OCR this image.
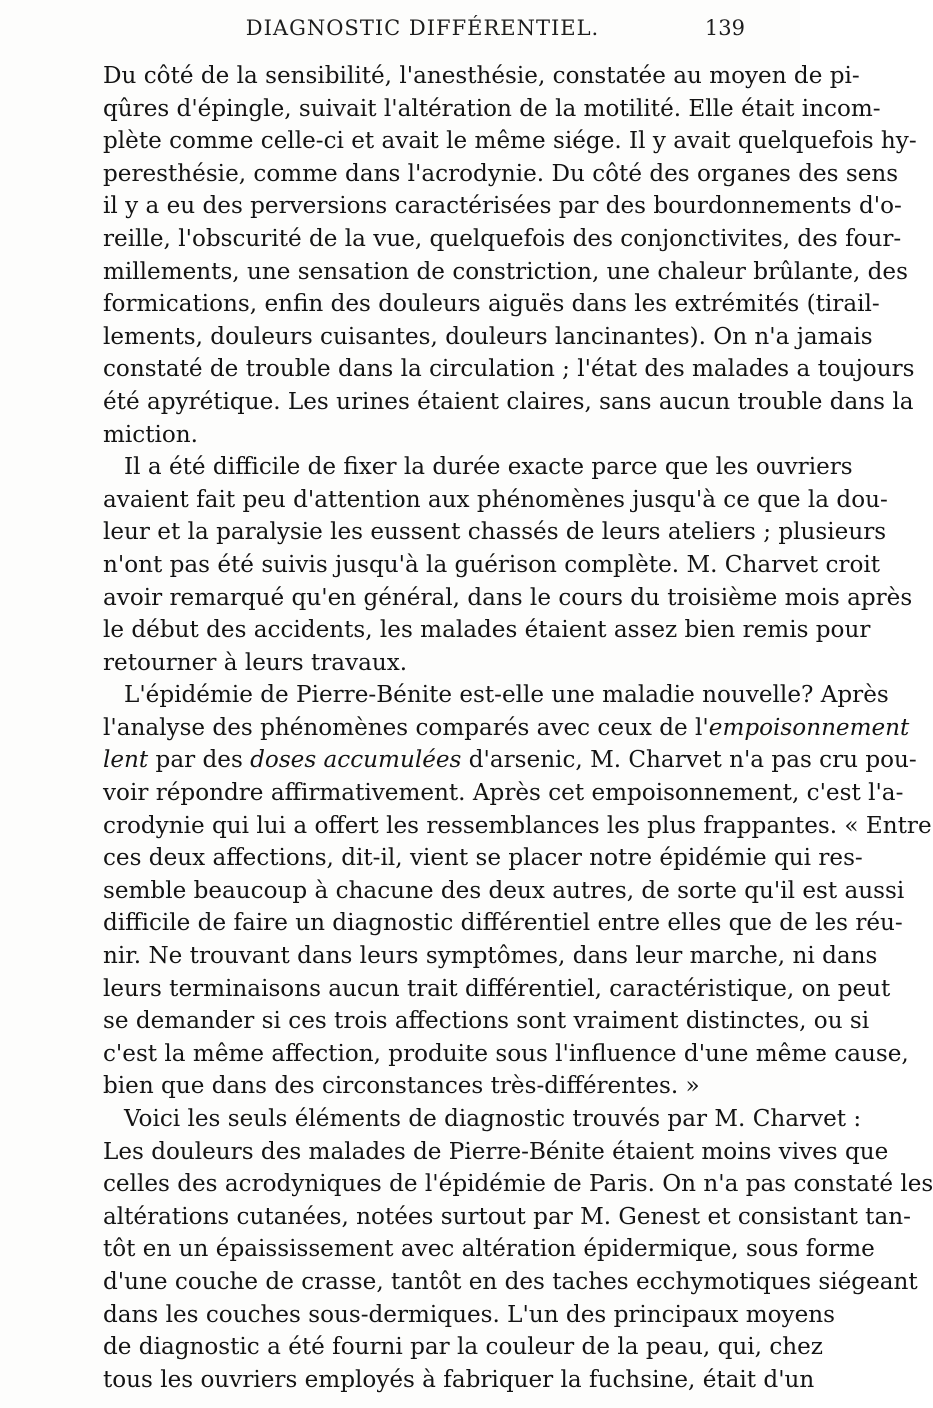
DIAGNOSTIC DIFFÉRENTIEL.	139
Du côté de la sensibilité, l'anesthésie, constatée au moyen de pi-
qûres d'épingle, suivait l'altération de la motilité. Elle était incom-
plète comme celle-ci et avait le même siége. Il y avait quelquefois hy-
peresthésie, comme dans l'acrodynie. Du côté des organes des sens
il y a eu des perversions caractérisées par des bourdonnements d'o-
reille, l'obscurité de la vue, quelquefois des conjonctivites, des four-
millements, une sensation de constriction, une chaleur brûlante, des
formications, enfin des douleurs aiguës dans les extrémités (tirail-
lements, douleurs cuisantes, douleurs lancinantes). On n'a jamais
constaté de trouble dans la circulation ; l'état des malades a toujours
été apyrétique. Les urines étaient claires, sans aucun trouble dans la
miction.
Il a été difficile de fixer la durée exacte parce que les ouvriers
avaient fait peu d'attention aux phénomènes jusqu'à ce que la dou-
leur et la paralysie les eussent chassés de leurs ateliers ; plusieurs
n'ont pas été suivis jusqu'à la guérison complète. M. Charvet croit
avoir remarqué qu'en général, dans le cours du troisième mois après
le début des accidents, les malades étaient assez bien remis pour
retourner à leurs travaux.
L'épidémie de Pierre-Bénite est-elle une maladie nouvelle? Après
l'analyse des phénomènes comparés avec ceux de l'empoisonnement
lent par des doses accumulées d'arsenic, M. Charvet n'a pas cru pou-
voir répondre affirmativement. Après cet empoisonnement, c'est l'a-
crodynie qui lui a offert les ressemblances les plus frappantes. « Entre
ces deux affections, dit-il, vient se placer notre épidémie qui res-
semble beaucoup à chacune des deux autres, de sorte qu'il est aussi
difficile de faire un diagnostic différentiel entre elles que de les réu-
nir. Ne trouvant dans leurs symptômes, dans leur marche, ni dans
leurs terminaisons aucun trait différentiel, caractéristique, on peut
se demander si ces trois affections sont vraiment distinctes, ou si
c'est la même affection, produite sous l'influence d'une même cause,
bien que dans des circonstances très-différentes. »
Voici les seuls éléments de diagnostic trouvés par M. Charvet :
Les douleurs des malades de Pierre-Bénite étaient moins vives que
celles des acrodyniques de l'épidémie de Paris. On n'a pas constaté les
altérations cutanées, notées surtout par M. Genest et consistant tan-
tôt en un épaississement avec altération épidermique, sous forme
d'une couche de crasse, tantôt en des taches ecchymotiques siégeant
dans les couches sous-dermiques. L'un des principaux moyens
de diagnostic a été fourni par la couleur de la peau, qui, chez
tous les ouvriers employés à fabriquer la fuchsine, était d'un
